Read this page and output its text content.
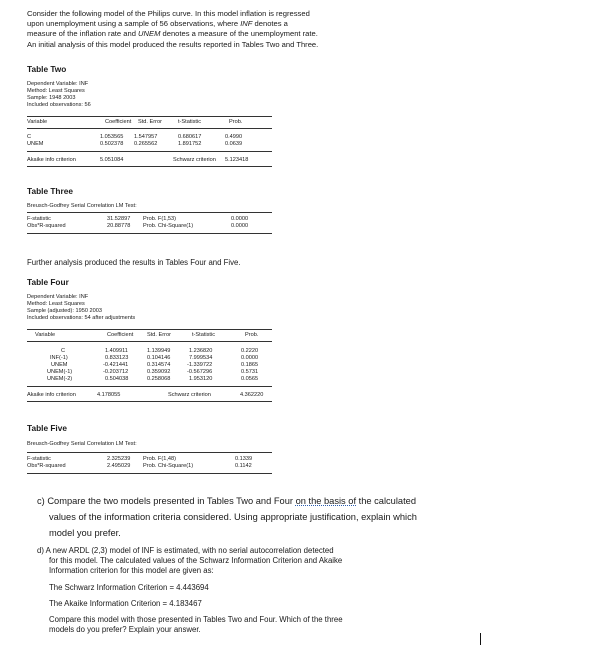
Consider the following model of the Philips curve. In this model inflation is regressed
upon unemployment using a sample of 56 observations, where INF denotes a
measure of the inflation rate and UNEM denotes a measure of the unemployment rate.
An initial analysis of this model produced the results reported in Tables Two and Three.
Table Two
Dependent Variable: INF
Method: Least Squares
Sample: 1948 2003
Included observations: 56
Variable	Coefficient Std. Error	t-Statistic	Prob.
C	1.053565 1.547957	0.680617	0.4990
UNEM	0.502378 0.265562	1.891752	0.0639
Akaike info criterion	5.051084	Schwarz criterion 5.123418
Table Three
Breusch-Godfrey Serial Correlation LM Test:
F-statistic	31.52897 Prob. F(1,53)	0.0000
Obs*R-squared	20.88778 Prob. Chi-Square(1)	0.0000
Further analysis produced the results in Tables Four and Five.
Table Four
Dependent Variable: INF
Method: Least Squares
Sample (adjusted): 1950 2003
Included observations: 54 after adjustments
Variable	Coefficient Std. Error	t-Statistic	Prob.
C	1.409911	1.139949	1.236820	0.2220
INF(-1)	0.833123	0.104146	7.999534	0.0000
UNEM	-0.421441	0.314574	-1.339722	0.1865
UNEM(-1)	-0.203712	0.359092	-0.567296	0.5731
UNEM(-2)	0.504038	0.258068	1.953120	0.0565
Akaike info criterion	4.178055	Schwarz criterion	4.362220
Table Five
Breusch-Godfrey Serial Correlation LM Test:
F-statistic	2.325239 Prob. F(1,48)	0.1339
Obs*R-squared	2.495029 Prob. Chi-Square(1)	0.1142
c) Compare the two models presented in Tables Two and Four on the basis of the calculated
values of the information criteria considered. Using appropriate justification, explain which
model you prefer.
d) A new ARDL (2,3) model of INF is estimated, with no serial autocorrelation detected
for this model. The calculated values of the Schwarz Information Criterion and Akaike
Information criterion for this model are given as:
The Schwarz Information Criterion = 4.443694
The Akaike Information Criterion = 4.183467
Compare this model with those presented in Tables Two and Four. Which of the three
models do you prefer? Explain your answer.
